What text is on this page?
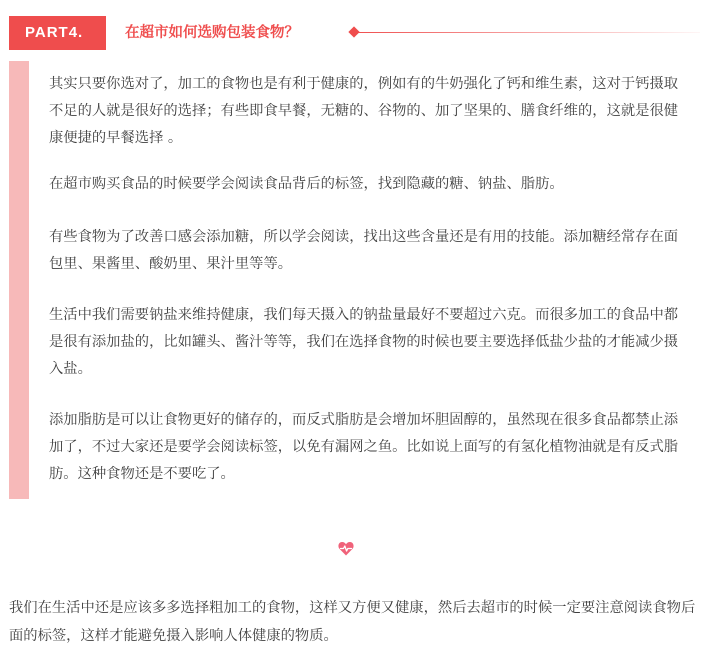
PART4.	在超市如何选购包装食物？

其实只要你选对了，加工的食物也是有利于健康的，例如有的牛奶强化了钙和维生素，这对于钙摄取不足的人就是很好的选择；有些即食早餐，无糖的、谷物的、加了坚果的、膳食纤维的，这就是很健康便捷的早餐选择 。

在超市购买食品的时候要学会阅读食品背后的标签，找到隐藏的糖、钠盐、脂肪。

有些食物为了改善口感会添加糖，所以学会阅读，找出这些含量还是有用的技能。添加糖经常存在面包里、果酱里、酸奶里、果汁里等等。

生活中我们需要钠盐来维持健康，我们每天摄入的钠盐量最好不要超过六克。而很多加工的食品中都是很有添加盐的，比如罐头、酱汁等等，我们在选择食物的时候也要主要选择低盐少盐的才能减少摄入盐。

添加脂肪是可以让食物更好的储存的，而反式脂肪是会增加坏胆固醇的，虽然现在很多食品都禁止添加了，不过大家还是要学会阅读标签，以免有漏网之鱼。比如说上面写的有氢化植物油就是有反式脂肪。这种食物还是不要吃了。

我们在生活中还是应该多多选择粗加工的食物，这样又方便又健康，然后去超市的时候一定要注意阅读食物后面的标签，这样才能避免摄入影响人体健康的物质。
